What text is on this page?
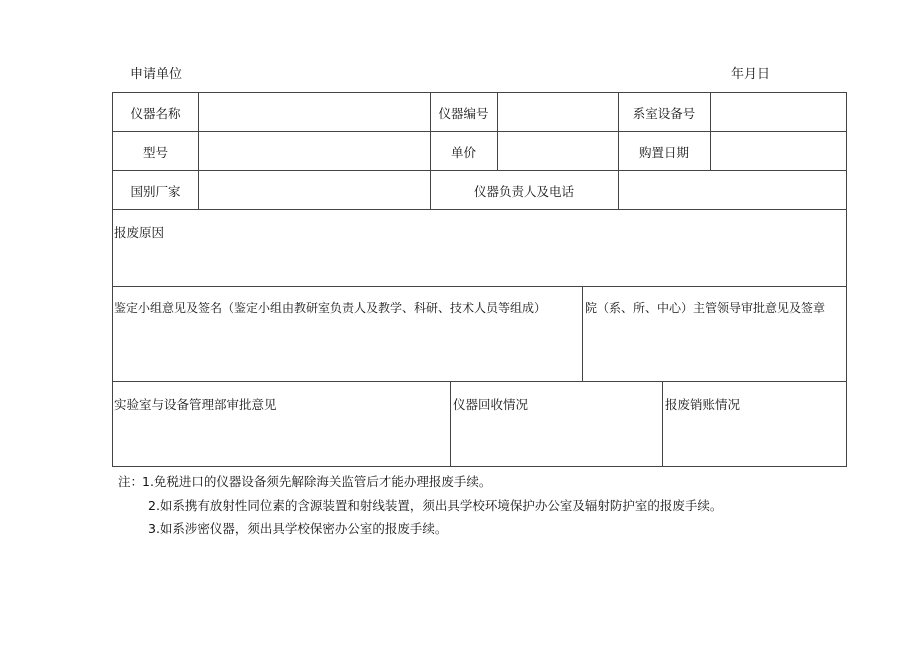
申请单位	年月日
仪器名称	仪器编号	系室设备号
型号	单价	购置日期
国别厂家	仪器负责人及电话
报废原因
鉴定小组意见及签名（鉴定小组由教研室负责人及教学、科研、技术人员等组成）	院（系、所、中心）主管领导审批意见及签章
实验室与设备管理部审批意见	仪器回收情况	报废销账情况
注：
1.免税进口的仪器设备须先解除海关监管后才能办理报废手续。
2.如系携有放射性同位素的含源装置和射线装置，须出具学校环境保护办公室及辐射防护室的报废手续。
3.如系涉密仪器，须出具学校保密办公室的报废手续。
